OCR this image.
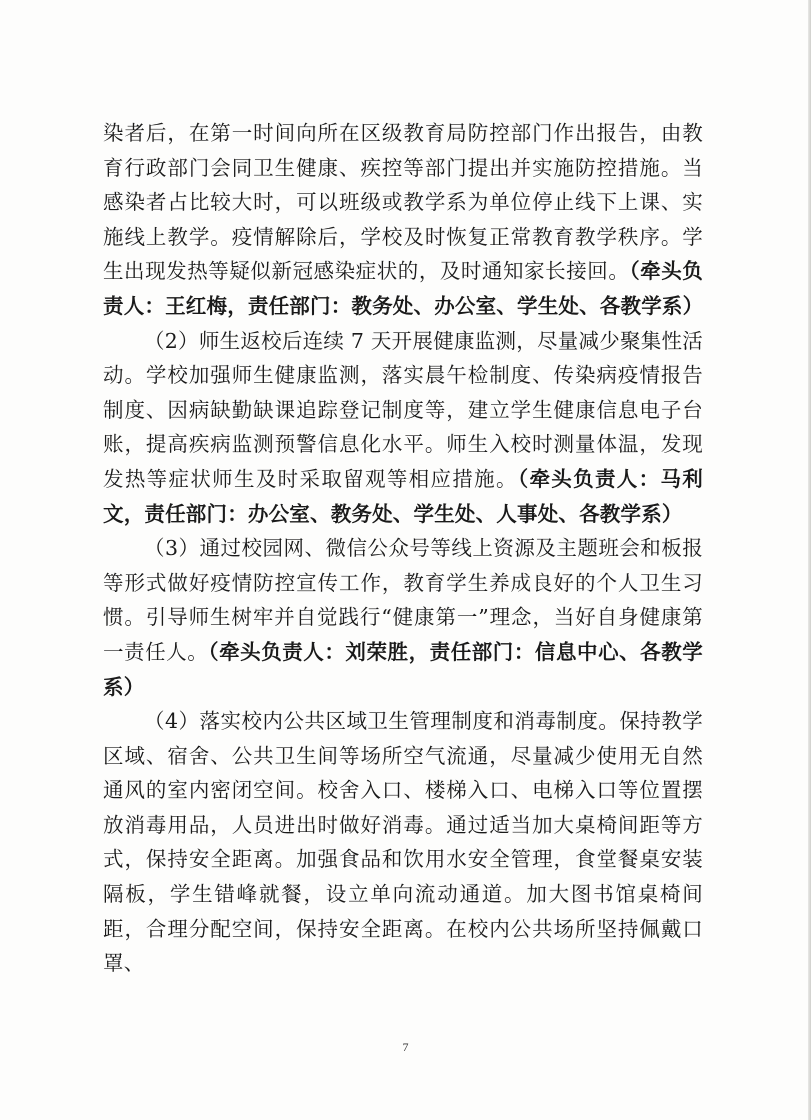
染者后，在第一时间向所在区级教育局防控部门作出报告，由教育行政部门会同卫生健康、疾控等部门提出并实施防控措施。当感染者占比较大时，可以班级或教学系为单位停止线下上课、实施线上教学。疫情解除后，学校及时恢复正常教育教学秩序。学生出现发热等疑似新冠感染症状的，及时通知家长接回。（牵头负责人：王红梅，责任部门：教务处、办公室、学生处、各教学系）

（2）师生返校后连续 7 天开展健康监测，尽量减少聚集性活动。学校加强师生健康监测，落实晨午检制度、传染病疫情报告制度、因病缺勤缺课追踪登记制度等，建立学生健康信息电子台账，提高疾病监测预警信息化水平。师生入校时测量体温，发现发热等症状师生及时采取留观等相应措施。（牵头负责人：马利文，责任部门：办公室、教务处、学生处、人事处、各教学系）

（3）通过校园网、微信公众号等线上资源及主题班会和板报等形式做好疫情防控宣传工作，教育学生养成良好的个人卫生习惯。引导师生树牢并自觉践行“健康第一”理念，当好自身健康第一责任人。（牵头负责人：刘荣胜，责任部门：信息中心、各教学系）

（4）落实校内公共区域卫生管理制度和消毒制度。保持教学区域、宿舍、公共卫生间等场所空气流通，尽量减少使用无自然通风的室内密闭空间。校舍入口、楼梯入口、电梯入口等位置摆放消毒用品，人员进出时做好消毒。通过适当加大桌椅间距等方式，保持安全距离。加强食品和饮用水安全管理，食堂餐桌安装隔板，学生错峰就餐，设立单向流动通道。加大图书馆桌椅间距，合理分配空间，保持安全距离。在校内公共场所坚持佩戴口罩、

7
